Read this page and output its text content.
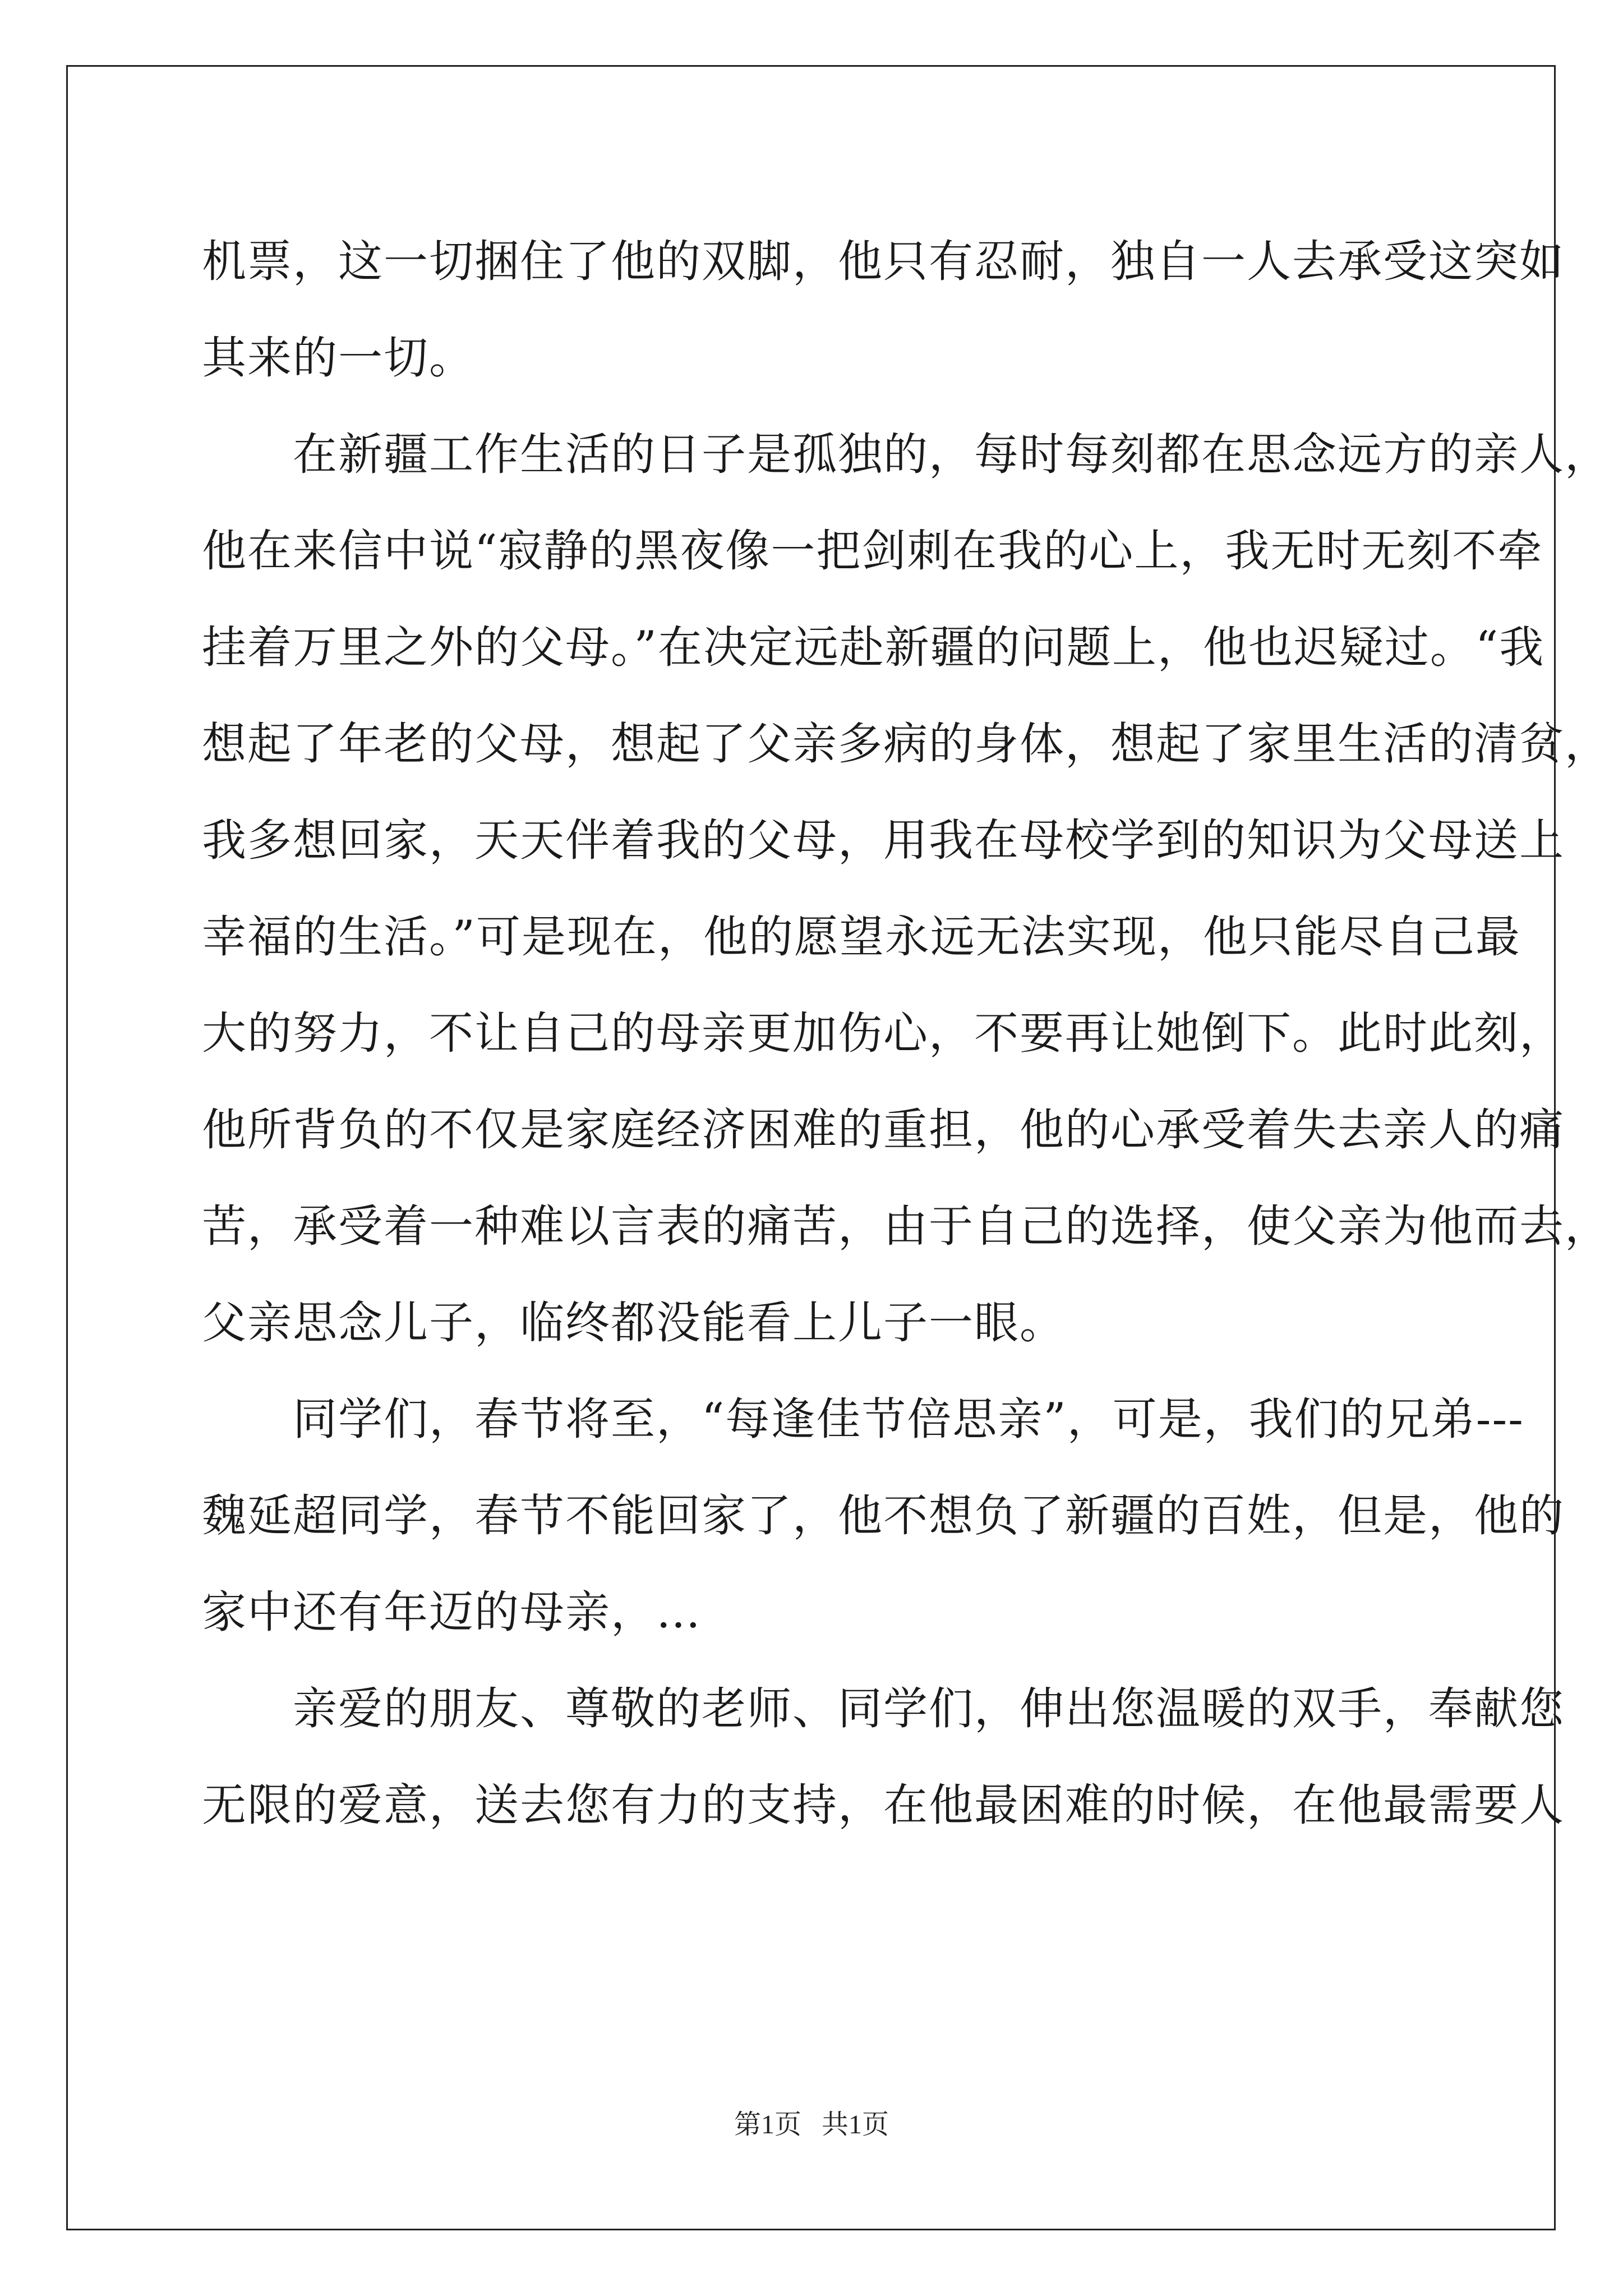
机票，这一切捆住了他的双脚，他只有忍耐，独自一人去承受这突如
其来的一切。
　　在新疆工作生活的日子是孤独的，每时每刻都在思念远方的亲人，
他在来信中说“寂静的黑夜像一把剑刺在我的心上，我无时无刻不牵
挂着万里之外的父母。”在决定远赴新疆的问题上，他也迟疑过。“我
想起了年老的父母，想起了父亲多病的身体，想起了家里生活的清贫，
我多想回家，天天伴着我的父母，用我在母校学到的知识为父母送上
幸福的生活。”可是现在，他的愿望永远无法实现，他只能尽自己最
大的努力，不让自己的母亲更加伤心，不要再让她倒下。此时此刻，
他所背负的不仅是家庭经济困难的重担，他的心承受着失去亲人的痛
苦，承受着一种难以言表的痛苦，由于自己的选择，使父亲为他而去，
父亲思念儿子，临终都没能看上儿子一眼。
　　同学们，春节将至，“每逢佳节倍思亲”，可是，我们的兄弟---
魏延超同学，春节不能回家了，他不想负了新疆的百姓，但是，他的
家中还有年迈的母亲，…
　　亲爱的朋友、尊敬的老师、同学们，伸出您温暖的双手，奉献您
无限的爱意，送去您有力的支持，在他最困难的时候，在他最需要人
第1页 共1页
